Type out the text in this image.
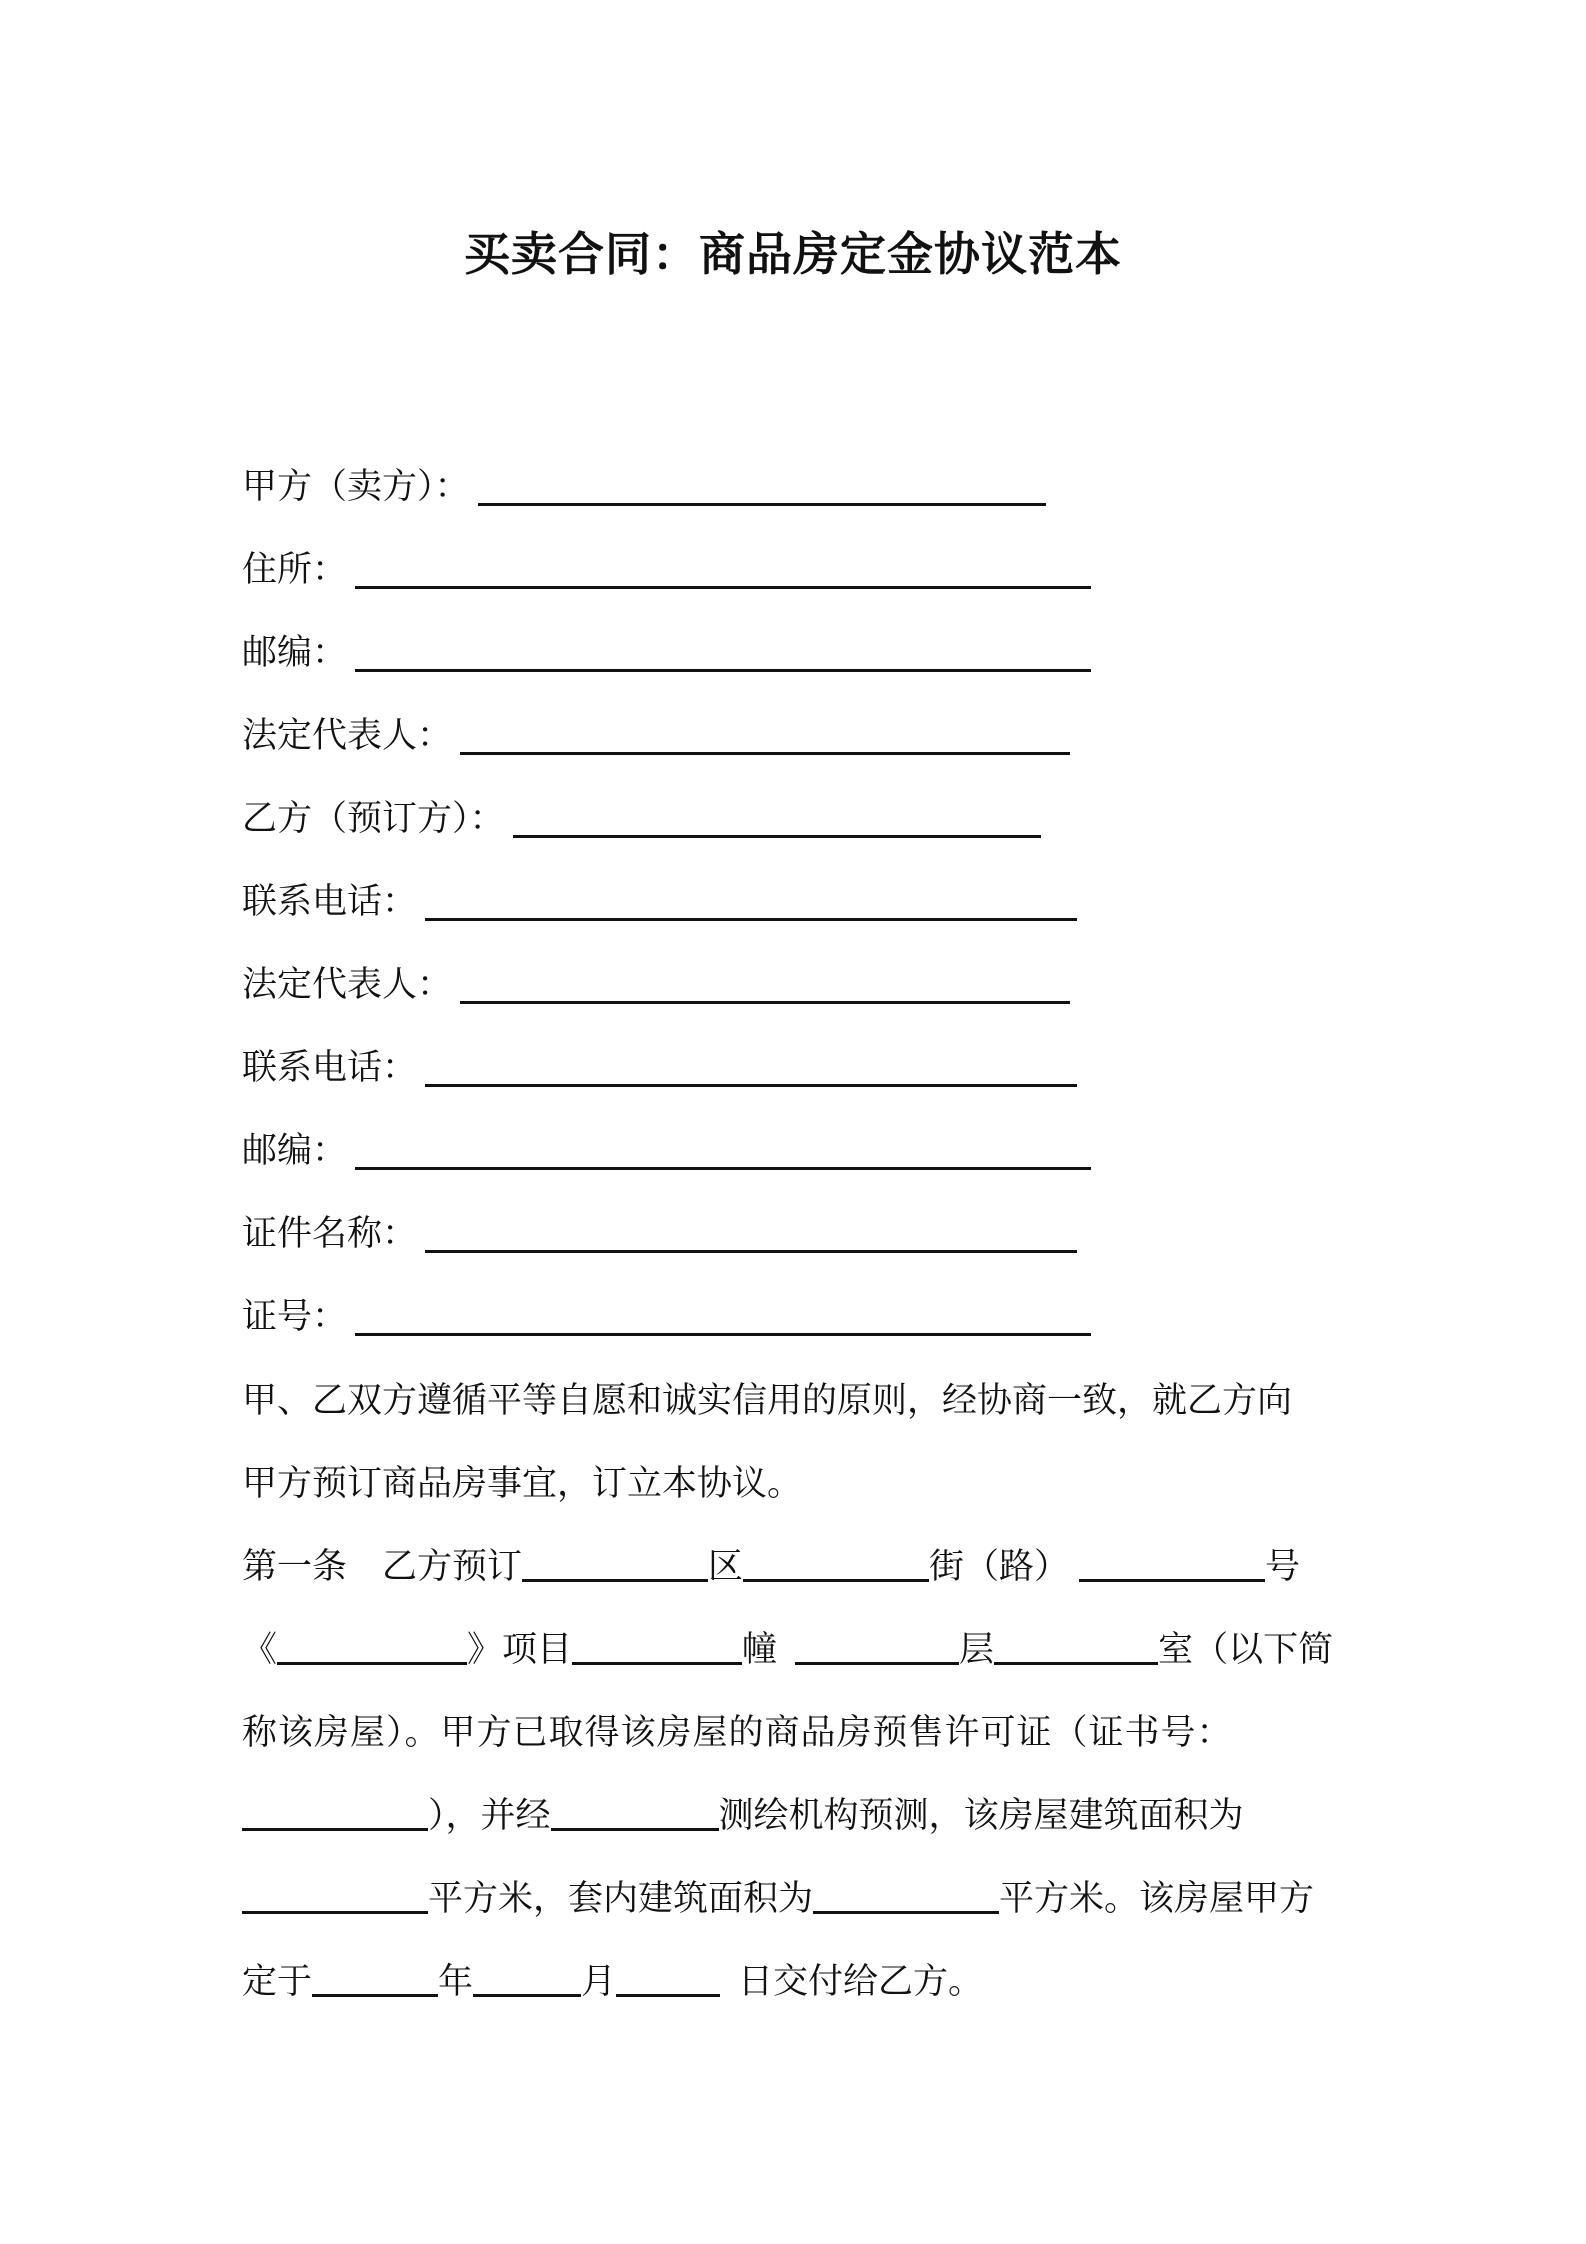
买卖合同：商品房定金协议范本
甲方（卖方）：
住所：
邮编：
法定代表人：
乙方（预订方）：
联系电话：
法定代表人：
联系电话：
邮编：
证件名称：
证号：
甲、乙双方遵循平等自愿和诚实信用的原则，经协商一致，就乙方向
甲方预订商品房事宜，订立本协议。
第一条　乙方预订	区	街（路）	号
《	》项目	幢	层	室（以下简
称该房屋）。甲方已取得该房屋的商品房预售许可证（证书号：
），并经	测绘机构预测，该房屋建筑面积为
平方米，套内建筑面积为	平方米。该房屋甲方
定于	年	月	日交付给乙方。
